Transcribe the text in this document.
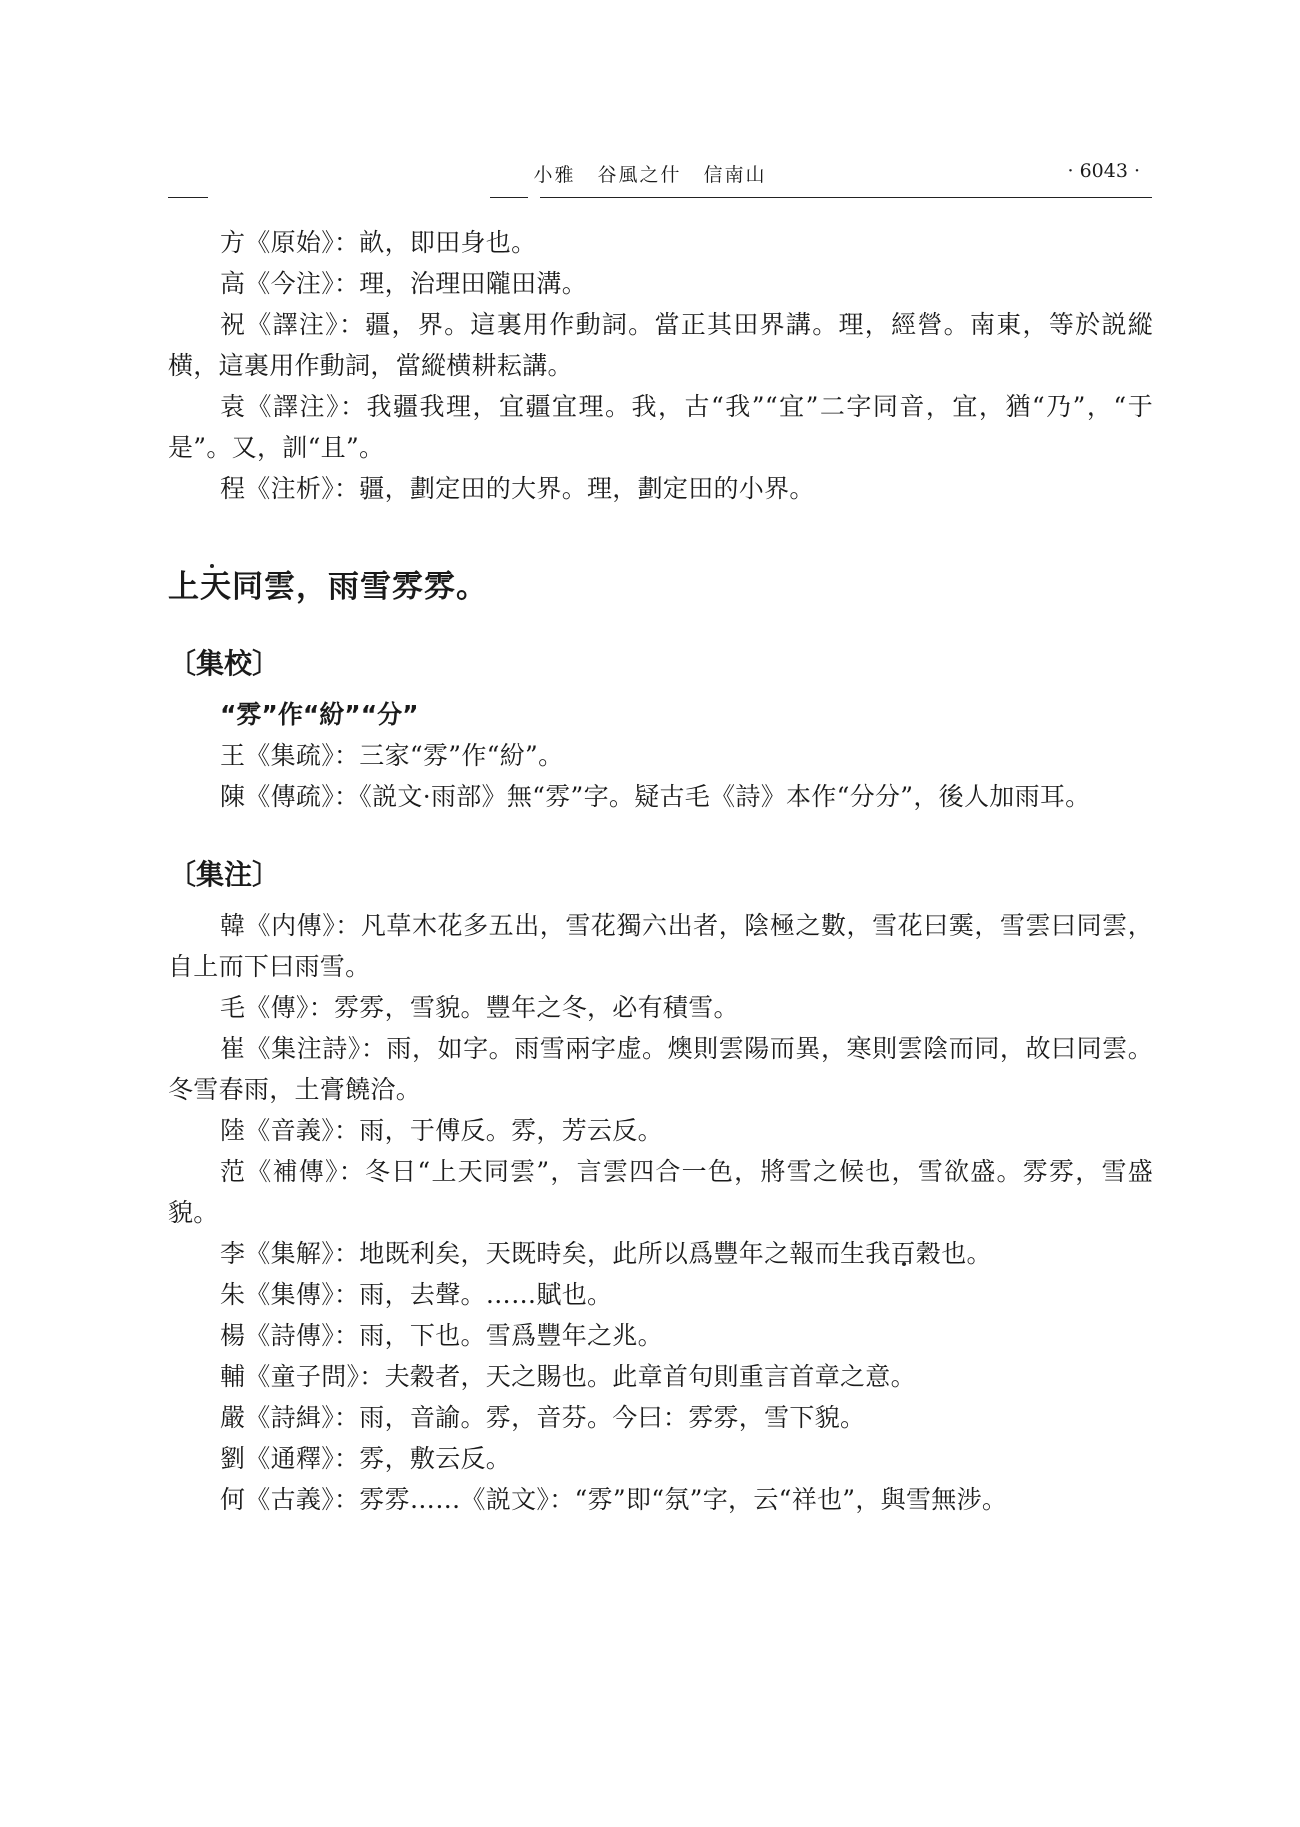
小雅 谷風之什 信南山	· 6043 ·

方《原始》：畝，即田身也。

高《今注》：理，治理田隴田溝。

祝《譯注》：疆，界。這裏用作動詞。當正其田界講。理，經營。南東，等於説縱横，這裏用作動詞，當縱横耕耘講。

袁《譯注》：我疆我理，宜疆宜理。我，古“我”“宜”二字同音，宜，猶“乃”，“于是”。又，訓“且”。

程《注析》：疆，劃定田的大界。理，劃定田的小界。

上天同雲，雨雪雰雰。
〔集校〕

“雰”作“紛”“分”

王《集疏》：三家“雰”作“紛”。

陳《傳疏》：《説文·雨部》無“雰”字。疑古毛《詩》本作“分分”，後人加雨耳。

〔集注〕

韓《内傳》：凡草木花多五出，雪花獨六出者，陰極之數，雪花曰霙，雪雲曰同雲，自上而下曰雨雪。

毛《傳》：雰雰，雪貌。豐年之冬，必有積雪。

崔《集注詩》：雨，如字。雨雪兩字虚。燠則雲陽而異，寒則雲陰而同，故曰同雲。冬雪春雨，土膏饒洽。

陸《音義》：雨，于傅反。雰，芳云反。

范《補傳》：冬日“上天同雲”，言雲四合一色，將雪之候也，雪欲盛。雰雰，雪盛貌。

李《集解》：地既利矣，天既時矣，此所以爲豐年之報而生我百穀也。

朱《集傳》：雨，去聲。……賦也。

楊《詩傳》：雨，下也。雪爲豐年之兆。

輔《童子問》：夫穀者，天之賜也。此章首句則重言首章之意。

嚴《詩緝》：雨，音諭。雰，音芬。今曰：雰雰，雪下貌。

劉《通釋》：雰，敷云反。

何《古義》：雰雰……《説文》：“雰”即“氛”字，云“祥也”，與雪無涉。
